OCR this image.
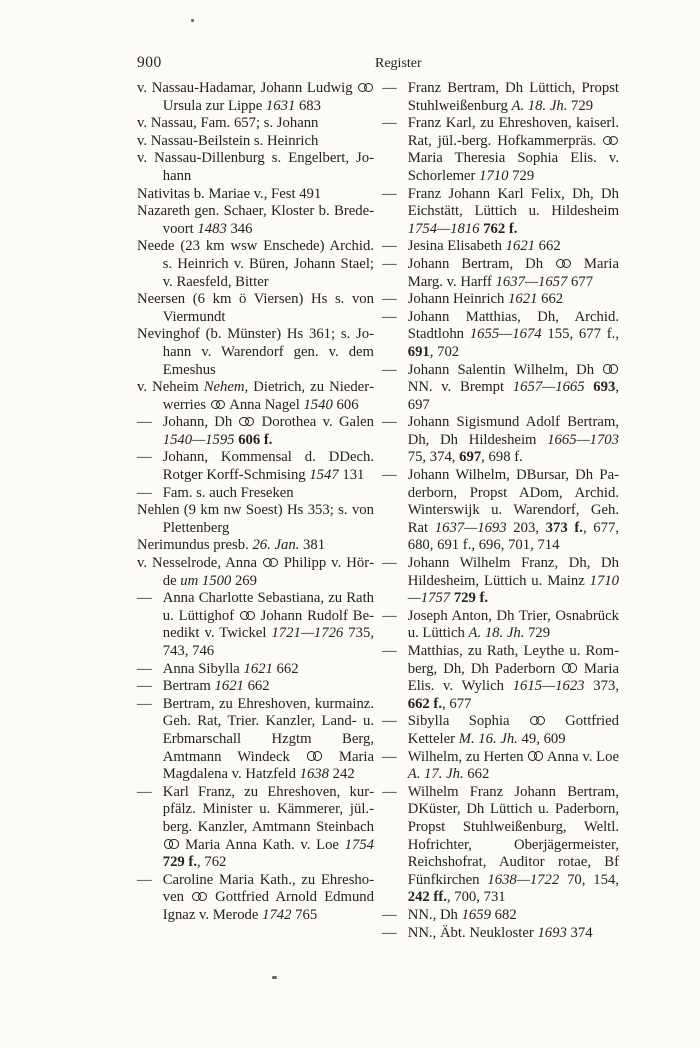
900	Register

v. Nassau-Hadamar, Johann Ludwig  Ursula zur Lippe 1631 683

v. Nassau, Fam. 657; s. Johann

v. Nassau-Beilstein s. Heinrich

v. Nassau-Dillenburg s. Engelbert, Johann

Nativitas b. Mariae v., Fest 491

Nazareth gen. Schaer, Kloster b. Bredevoort 1483 346

Neede (23 km wsw Enschede) Archid. s. Heinrich v. Büren, Johann Stael; v. Raesfeld, Bitter

Neersen (6 km ö Viersen) Hs s. von Viermundt

Nevinghof (b. Münster) Hs 361; s. Johann v. Warendorf gen. v. dem Emeshus

v. Neheim Nehem, Dietrich, zu Niederwerries  Anna Nagel 1540 606

— Johann, Dh  Dorothea v. Galen 1540—1595 606 f.

— Johann, Kommensal d. DDech. Rotger Korff-Schmising 1547 131

— Fam. s. auch Freseken

Nehlen (9 km nw Soest) Hs 353; s. von Plettenberg

Nerimundus presb. 26. Jan. 381

v. Nesselrode, Anna  Philipp v. Hörde um 1500 269

— Anna Charlotte Sebastiana, zu Rath u. Lüttighof  Johann Rudolf Benedikt v. Twickel 1721—1726 735, 743, 746

— Anna Sibylla 1621 662

— Bertram 1621 662

— Bertram, zu Ehreshoven, kurmainz. Geh. Rat, Trier. Kanzler, Land- u. Erbmarschall Hzgtm Berg, Amtmann Windeck  Maria Magdalena v. Hatzfeld 1638 242

— Karl Franz, zu Ehreshoven, kurpfälz. Minister u. Kämmerer, jül.-berg. Kanzler, Amtmann Steinbach  Maria Anna Kath. v. Loe 1754 729 f., 762

— Caroline Maria Kath., zu Ehreshoven  Gottfried Arnold Edmund Ignaz v. Merode 1742 765

— Franz Bertram, Dh Lüttich, Propst Stuhlweißenburg A. 18. Jh. 729

— Franz Karl, zu Ehreshoven, kaiserl. Rat, jül.-berg. Hofkammerpräs.  Maria Theresia Sophia Elis. v. Schorlemer 1710 729

— Franz Johann Karl Felix, Dh, Dh Eichstätt, Lüttich u. Hildesheim 1754—1816 762 f.

— Jesina Elisabeth 1621 662

— Johann Bertram, Dh  Maria Marg. v. Harff 1637—1657 677

— Johann Heinrich 1621 662

— Johann Matthias, Dh, Archid. Stadtlohn 1655—1674 155, 677 f., 691, 702

— Johann Salentin Wilhelm, Dh  NN. v. Brempt 1657—1665 693, 697

— Johann Sigismund Adolf Bertram, Dh, Dh Hildesheim 1665—1703 75, 374, 697, 698 f.

— Johann Wilhelm, DBursar, Dh Paderborn, Propst ADom, Archid. Winterswijk u. Warendorf, Geh. Rat 1637—1693 203, 373 f., 677, 680, 691 f., 696, 701, 714

— Johann Wilhelm Franz, Dh, Dh Hildesheim, Lüttich u. Mainz 1710—1757 729 f.

— Joseph Anton, Dh Trier, Osnabrück u. Lüttich A. 18. Jh. 729

— Matthias, zu Rath, Leythe u. Romberg, Dh, Dh Paderborn  Maria Elis. v. Wylich 1615—1623 373, 662 f., 677

— Sibylla Sophia  Gottfried Ketteler M. 16. Jh. 49, 609

— Wilhelm, zu Herten  Anna v. Loe A. 17. Jh. 662

— Wilhelm Franz Johann Bertram, DKüster, Dh Lüttich u. Paderborn, Propst Stuhlweißenburg, Weltl. Hofrichter, Oberjägermeister, Reichshofrat, Auditor rotae, Bf Fünfkirchen 1638—1722 70, 154, 242 ff., 700, 731

— NN., Dh 1659 682

— NN., Äbt. Neukloster 1693 374
